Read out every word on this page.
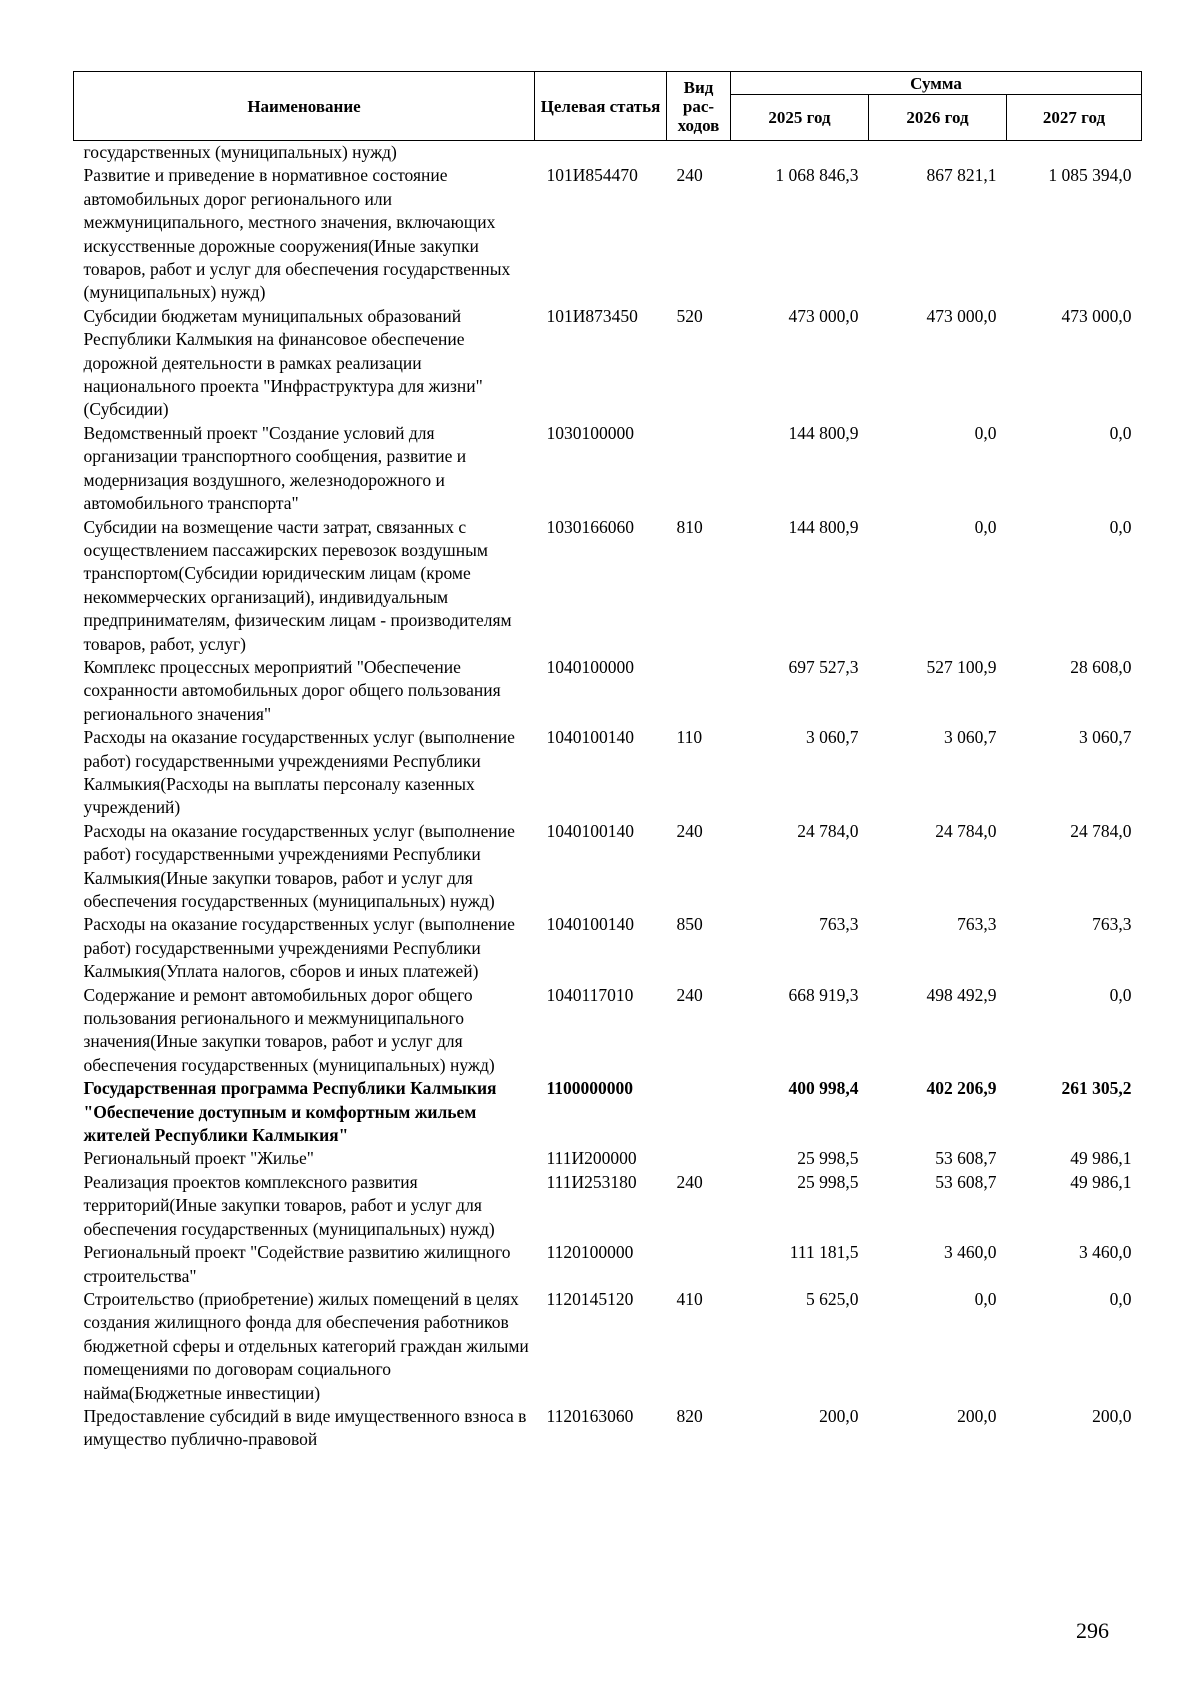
Наименование	Целевая статья	Вид рас-ходов	Сумма		
			2025 год	2026 год	2027 год
государственных (муниципальных) нужд)					
Развитие и приведение в нормативное состояние автомобильных дорог регионального или межмуниципального, местного значения, включающих искусственные дорожные сооружения(Иные закупки товаров, работ и услуг для обеспечения государственных (муниципальных) нужд)	101И854470	240	1 068 846,3	867 821,1	1 085 394,0
Субсидии бюджетам муниципальных образований Республики Калмыкия на финансовое обеспечение дорожной деятельности в рамках реализации национального проекта "Инфраструктура для жизни"(Субсидии)	101И873450	520	473 000,0	473 000,0	473 000,0
Ведомственный проект "Создание условий для организации транспортного сообщения, развитие и модернизация воздушного, железнодорожного и автомобильного транспорта"	1030100000		144 800,9	0,0	0,0
Субсидии на возмещение части затрат, связанных с осуществлением пассажирских перевозок воздушным транспортом(Субсидии юридическим лицам (кроме некоммерческих организаций), индивидуальным предпринимателям, физическим лицам - производителям товаров, работ, услуг)	1030166060	810	144 800,9	0,0	0,0
Комплекс процессных мероприятий "Обеспечение сохранности автомобильных дорог общего пользования регионального значения"	1040100000		697 527,3	527 100,9	28 608,0
Расходы на оказание государственных услуг (выполнение работ) государственными учреждениями Республики Калмыкия(Расходы на выплаты персоналу казенных учреждений)	1040100140	110	3 060,7	3 060,7	3 060,7
Расходы на оказание государственных услуг (выполнение работ) государственными учреждениями Республики Калмыкия(Иные закупки товаров, работ и услуг для обеспечения государственных (муниципальных) нужд)	1040100140	240	24 784,0	24 784,0	24 784,0
Расходы на оказание государственных услуг (выполнение работ) государственными учреждениями Республики Калмыкия(Уплата налогов, сборов и иных платежей)	1040100140	850	763,3	763,3	763,3
Содержание и ремонт автомобильных дорог общего пользования регионального и межмуниципального значения(Иные закупки товаров, работ и услуг для обеспечения государственных (муниципальных) нужд)	1040117010	240	668 919,3	498 492,9	0,0
Государственная программа Республики Калмыкия "Обеспечение доступным и комфортным жильем жителей Республики Калмыкия"	1100000000		400 998,4	402 206,9	261 305,2
Региональный проект "Жилье"	111И200000		25 998,5	53 608,7	49 986,1
Реализация проектов комплексного развития территорий(Иные закупки товаров, работ и услуг для обеспечения государственных (муниципальных) нужд)	111И253180	240	25 998,5	53 608,7	49 986,1
Региональный проект "Содействие развитию жилищного строительства"	1120100000		111 181,5	3 460,0	3 460,0
Строительство (приобретение) жилых помещений в целях создания жилищного фонда для обеспечения работников бюджетной сферы и отдельных категорий граждан жилыми помещениями по договорам социального найма(Бюджетные инвестиции)	1120145120	410	5 625,0	0,0	0,0
Предоставление субсидий в виде имущественного взноса в имущество публично-правовой	1120163060	820	200,0	200,0	200,0
296
